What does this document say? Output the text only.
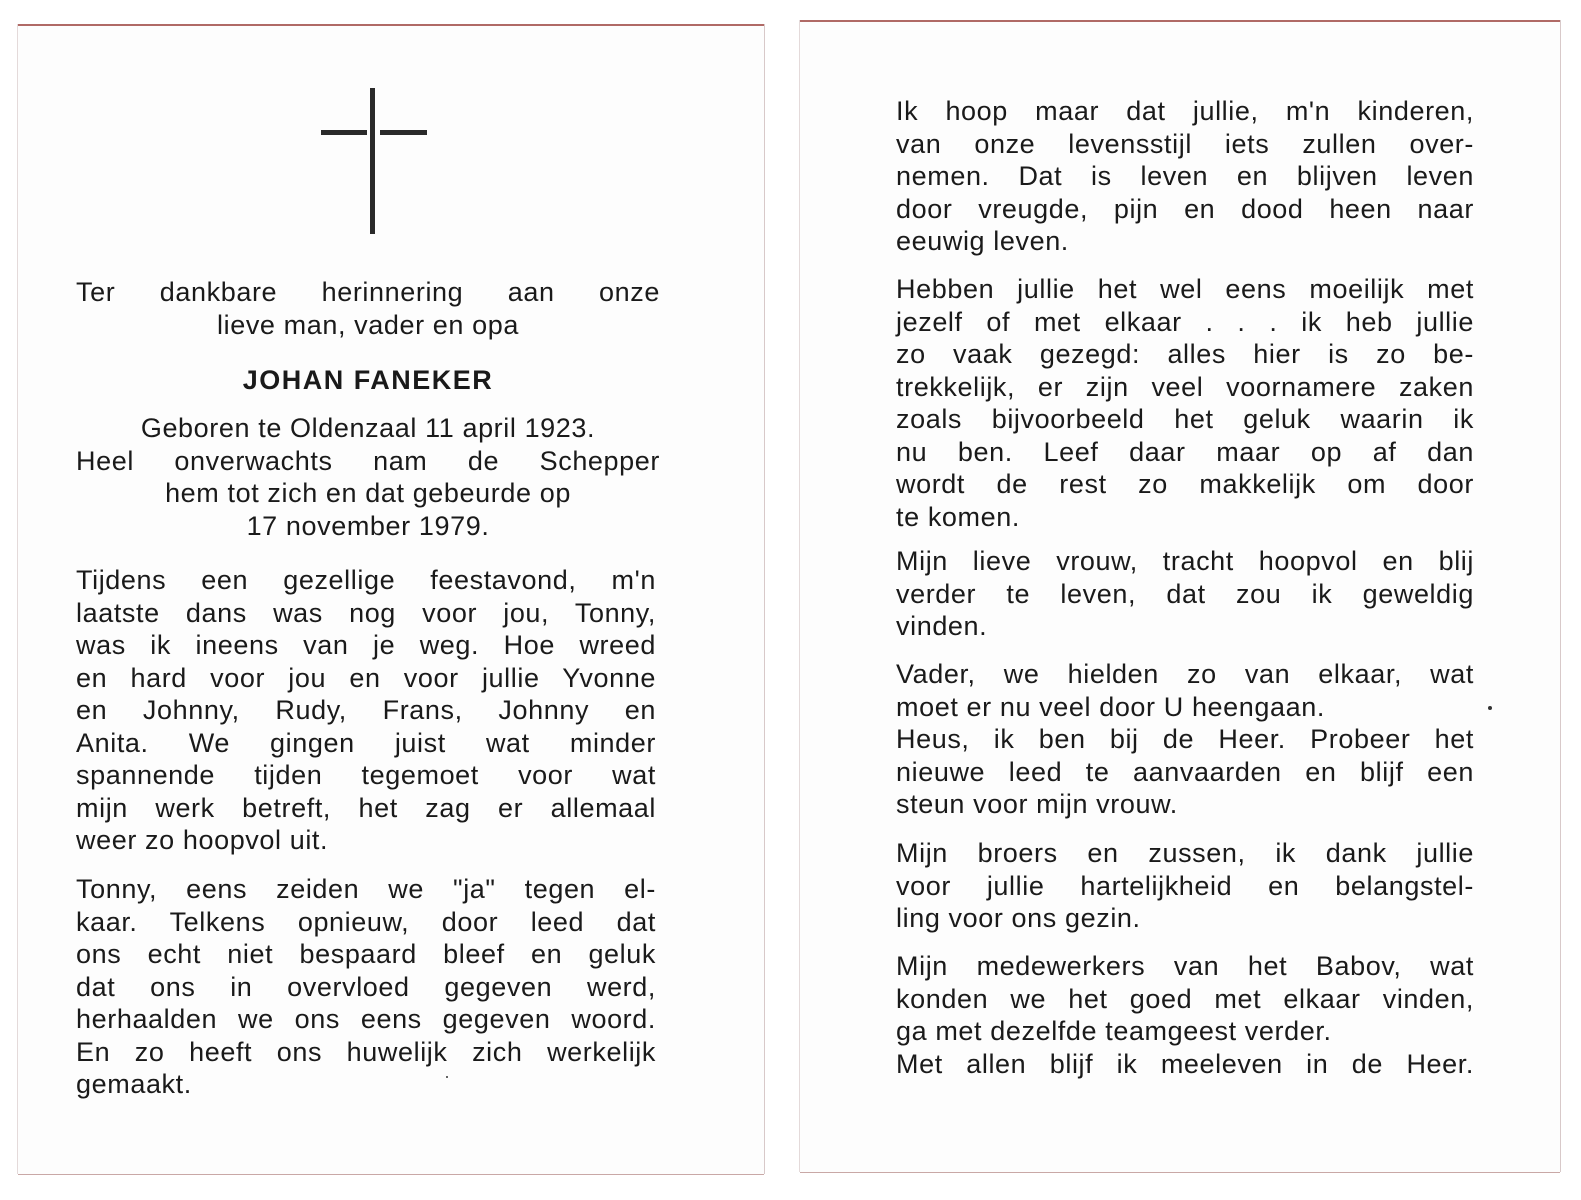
Ter dankbare herinnering aan onze
lieve man, vader en opa
JOHAN FANEKER
Geboren te Oldenzaal 11 april 1923.
Heel onverwachts nam de Schepper
hem tot zich en dat gebeurde op
17 november 1979.
Tijdens een gezellige feestavond, m'n
laatste dans was nog voor jou, Tonny,
was ik ineens van je weg. Hoe wreed
en hard voor jou en voor jullie Yvonne
en Johnny, Rudy, Frans, Johnny en
Anita. We gingen juist wat minder
spannende tijden tegemoet voor wat
mijn werk betreft, het zag er allemaal
weer zo hoopvol uit.
Tonny, eens zeiden we "ja" tegen el-
kaar. Telkens opnieuw, door leed dat
ons echt niet bespaard bleef en geluk
dat ons in overvloed gegeven werd,
herhaalden we ons eens gegeven woord.
En zo heeft ons huwelijk zich werkelijk
gemaakt.
Ik hoop maar dat jullie, m'n kinderen,
van onze levensstijl iets zullen over-
nemen. Dat is leven en blijven leven
door vreugde, pijn en dood heen naar
eeuwig leven.
Hebben jullie het wel eens moeilijk met
jezelf of met elkaar . . . ik heb jullie
zo vaak gezegd: alles hier is zo be-
trekkelijk, er zijn veel voornamere zaken
zoals bijvoorbeeld het geluk waarin ik
nu ben. Leef daar maar op af dan
wordt de rest zo makkelijk om door
te komen.
Mijn lieve vrouw, tracht hoopvol en blij
verder te leven, dat zou ik geweldig
vinden.
Vader, we hielden zo van elkaar, wat
moet er nu veel door U heengaan.
Heus, ik ben bij de Heer. Probeer het
nieuwe leed te aanvaarden en blijf een
steun voor mijn vrouw.
Mijn broers en zussen, ik dank jullie
voor jullie hartelijkheid en belangstel-
ling voor ons gezin.
Mijn medewerkers van het Babov, wat
konden we het goed met elkaar vinden,
ga met dezelfde teamgeest verder.
Met allen blijf ik meeleven in de Heer.
